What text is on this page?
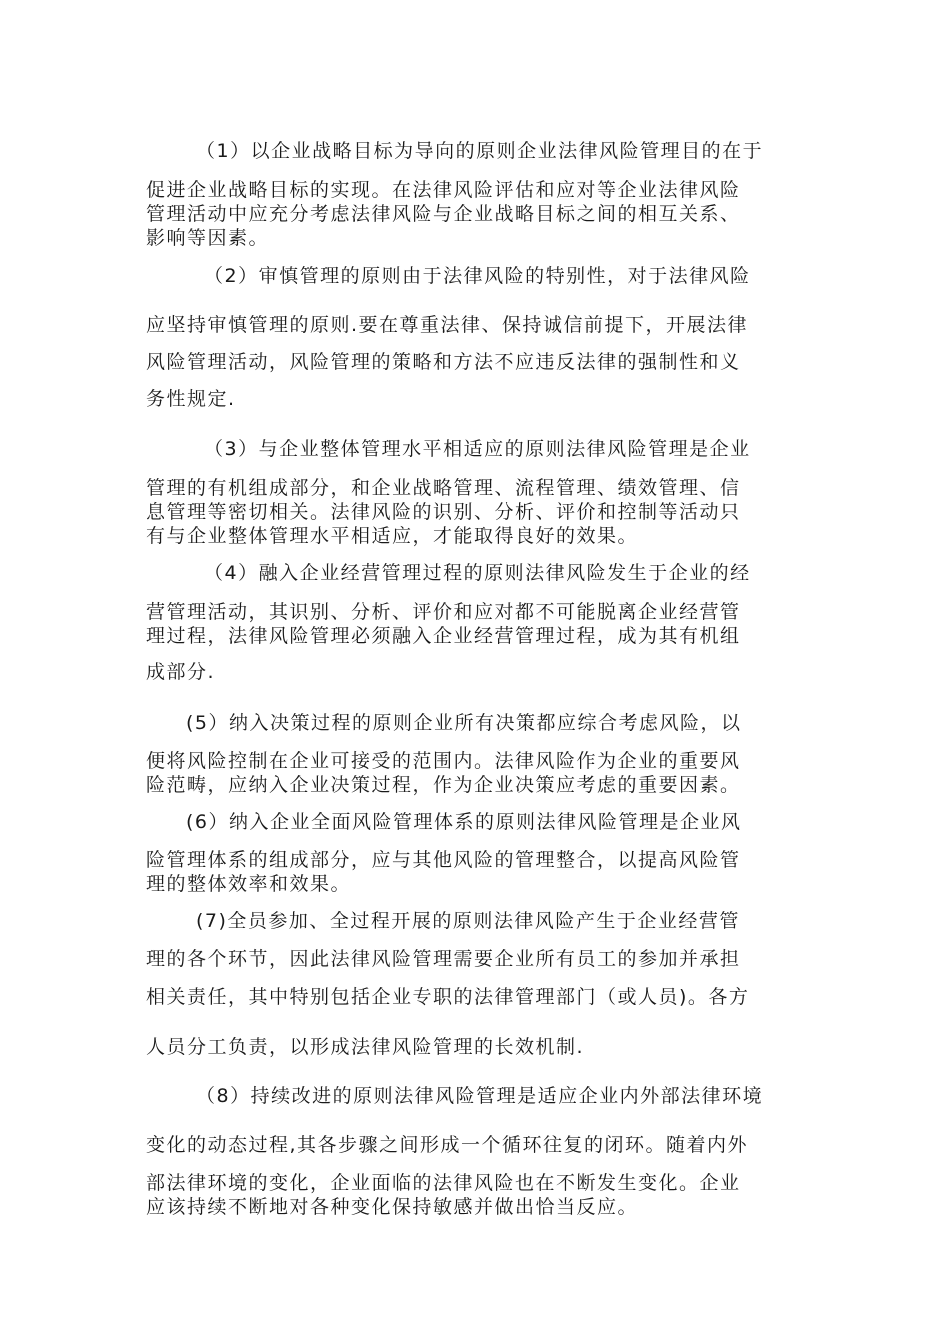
（1）以企业战略目标为导向的原则企业法律风险管理目的在于
促进企业战略目标的实现。在法律风险评估和应对等企业法律风险
管理活动中应充分考虑法律风险与企业战略目标之间的相互关系、
影响等因素。
（2）审慎管理的原则由于法律风险的特别性，对于法律风险
应坚持审慎管理的原则.要在尊重法律、保持诚信前提下，开展法律
风险管理活动，风险管理的策略和方法不应违反法律的强制性和义
务性规定.
（3）与企业整体管理水平相适应的原则法律风险管理是企业
管理的有机组成部分，和企业战略管理、流程管理、绩效管理、信
息管理等密切相关。法律风险的识别、分析、评价和控制等活动只
有与企业整体管理水平相适应，才能取得良好的效果。
（4）融入企业经营管理过程的原则法律风险发生于企业的经
营管理活动，其识别、分析、评价和应对都不可能脱离企业经营管
理过程，法律风险管理必须融入企业经营管理过程，成为其有机组
成部分.
(5）纳入决策过程的原则企业所有决策都应综合考虑风险，以
便将风险控制在企业可接受的范围内。法律风险作为企业的重要风
险范畴，应纳入企业决策过程，作为企业决策应考虑的重要因素。
(6）纳入企业全面风险管理体系的原则法律风险管理是企业风
险管理体系的组成部分，应与其他风险的管理整合，以提高风险管
理的整体效率和效果。
(7)全员参加、全过程开展的原则法律风险产生于企业经营管
理的各个环节，因此法律风险管理需要企业所有员工的参加并承担
相关责任，其中特别包括企业专职的法律管理部门（或人员)。各方
人员分工负责，以形成法律风险管理的长效机制.
（8）持续改进的原则法律风险管理是适应企业内外部法律环境
变化的动态过程,其各步骤之间形成一个循环往复的闭环。随着内外
部法律环境的变化，企业面临的法律风险也在不断发生变化。企业
应该持续不断地对各种变化保持敏感并做出恰当反应。
